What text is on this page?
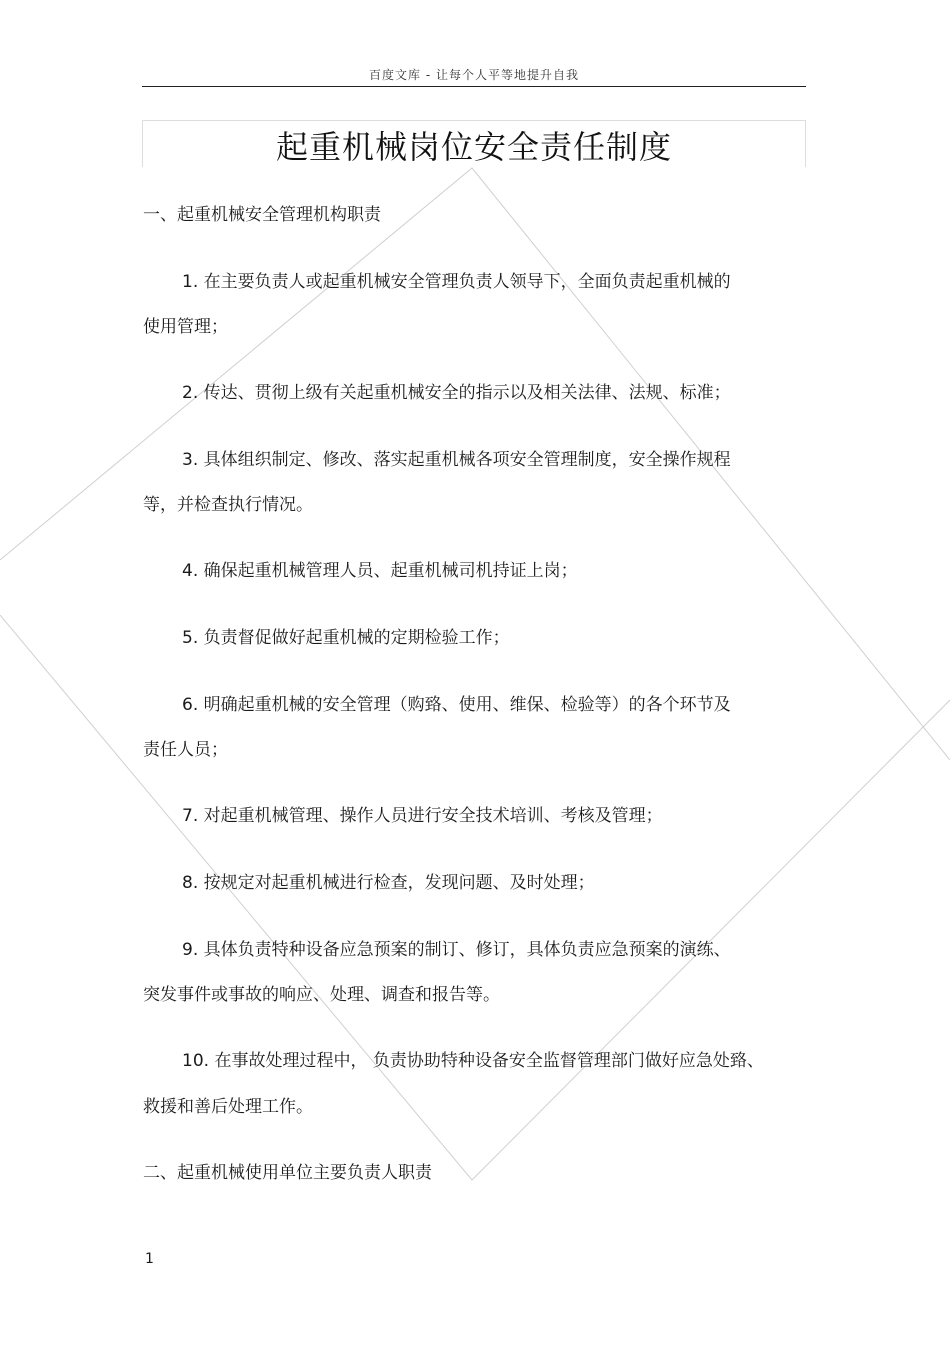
百度文库 - 让每个人平等地提升自我
起重机械岗位安全责任制度
一、起重机械安全管理机构职责
1. 在主要负责人或起重机械安全管理负责人领导下，全面负责起重机械的
使用管理；
2. 传达、贯彻上级有关起重机械安全的指示以及相关法律、法规、标准；
3. 具体组织制定、修改、落实起重机械各项安全管理制度，安全操作规程
等，并检查执行情况。
4. 确保起重机械管理人员、起重机械司机持证上岗；
5. 负责督促做好起重机械的定期检验工作；
6. 明确起重机械的安全管理（购臵、使用、维保、检验等）的各个环节及
责任人员；
7. 对起重机械管理、操作人员进行安全技术培训、考核及管理；
8. 按规定对起重机械进行检查，发现问题、及时处理；
9. 具体负责特种设备应急预案的制订、修订，具体负责应急预案的演练、
突发事件或事故的响应、处理、调查和报告等。
10. 在事故处理过程中， 负责协助特种设备安全监督管理部门做好应急处臵、
救援和善后处理工作。
二、起重机械使用单位主要负责人职责
1
